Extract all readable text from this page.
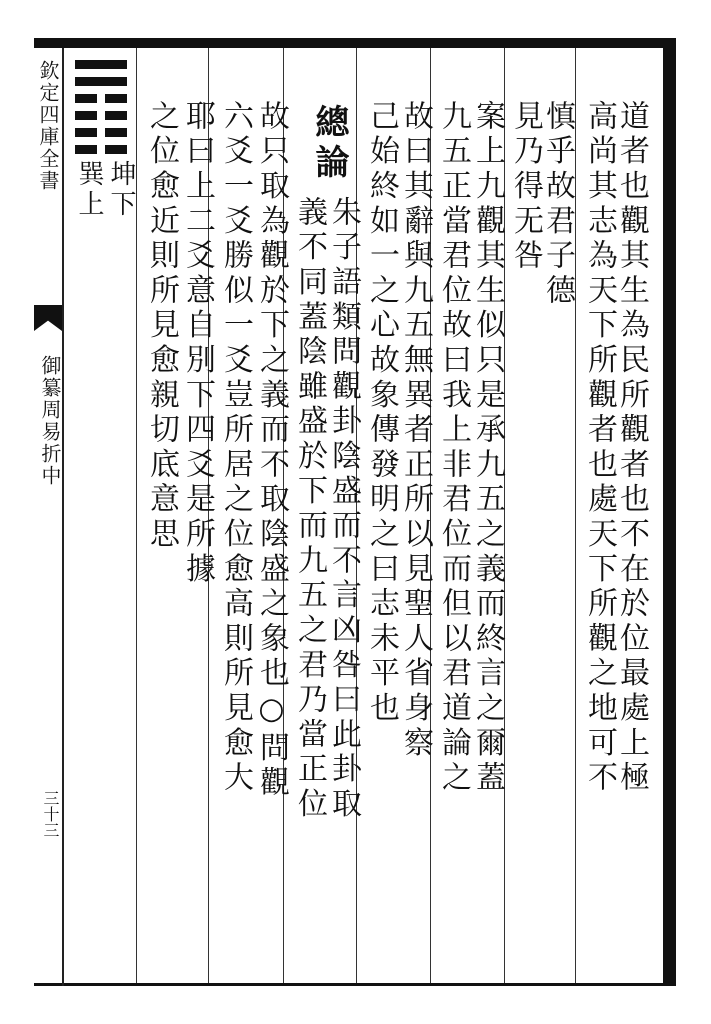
欽定四庫全書
御纂周易折中
三十三
坤下
巽上	道者也觀其生為民所觀者也不在於位最處上極
高尚其志為天下所觀者也處天下所觀之地可不
慎乎故君子德
見乃得无咎
案上九觀其生似只是承九五之義而終言之爾蓋
九五正當君位故曰我上非君位而但以君道論之
故曰其辭與九五無異者正所以見聖人省身察
己始終如一之心故象傳發明之曰志未平也
總論
朱子語類問觀卦陰盛而不言凶咎曰此卦取
義不同蓋陰雖盛於下而九五之君乃當正位
故只取為觀於下之義而不取陰盛之象也○問觀
六爻一爻勝似一爻豈所居之位愈高則所見愈大
耶曰上二爻意自別下四爻是所據
之位愈近則所見愈親切底意思
